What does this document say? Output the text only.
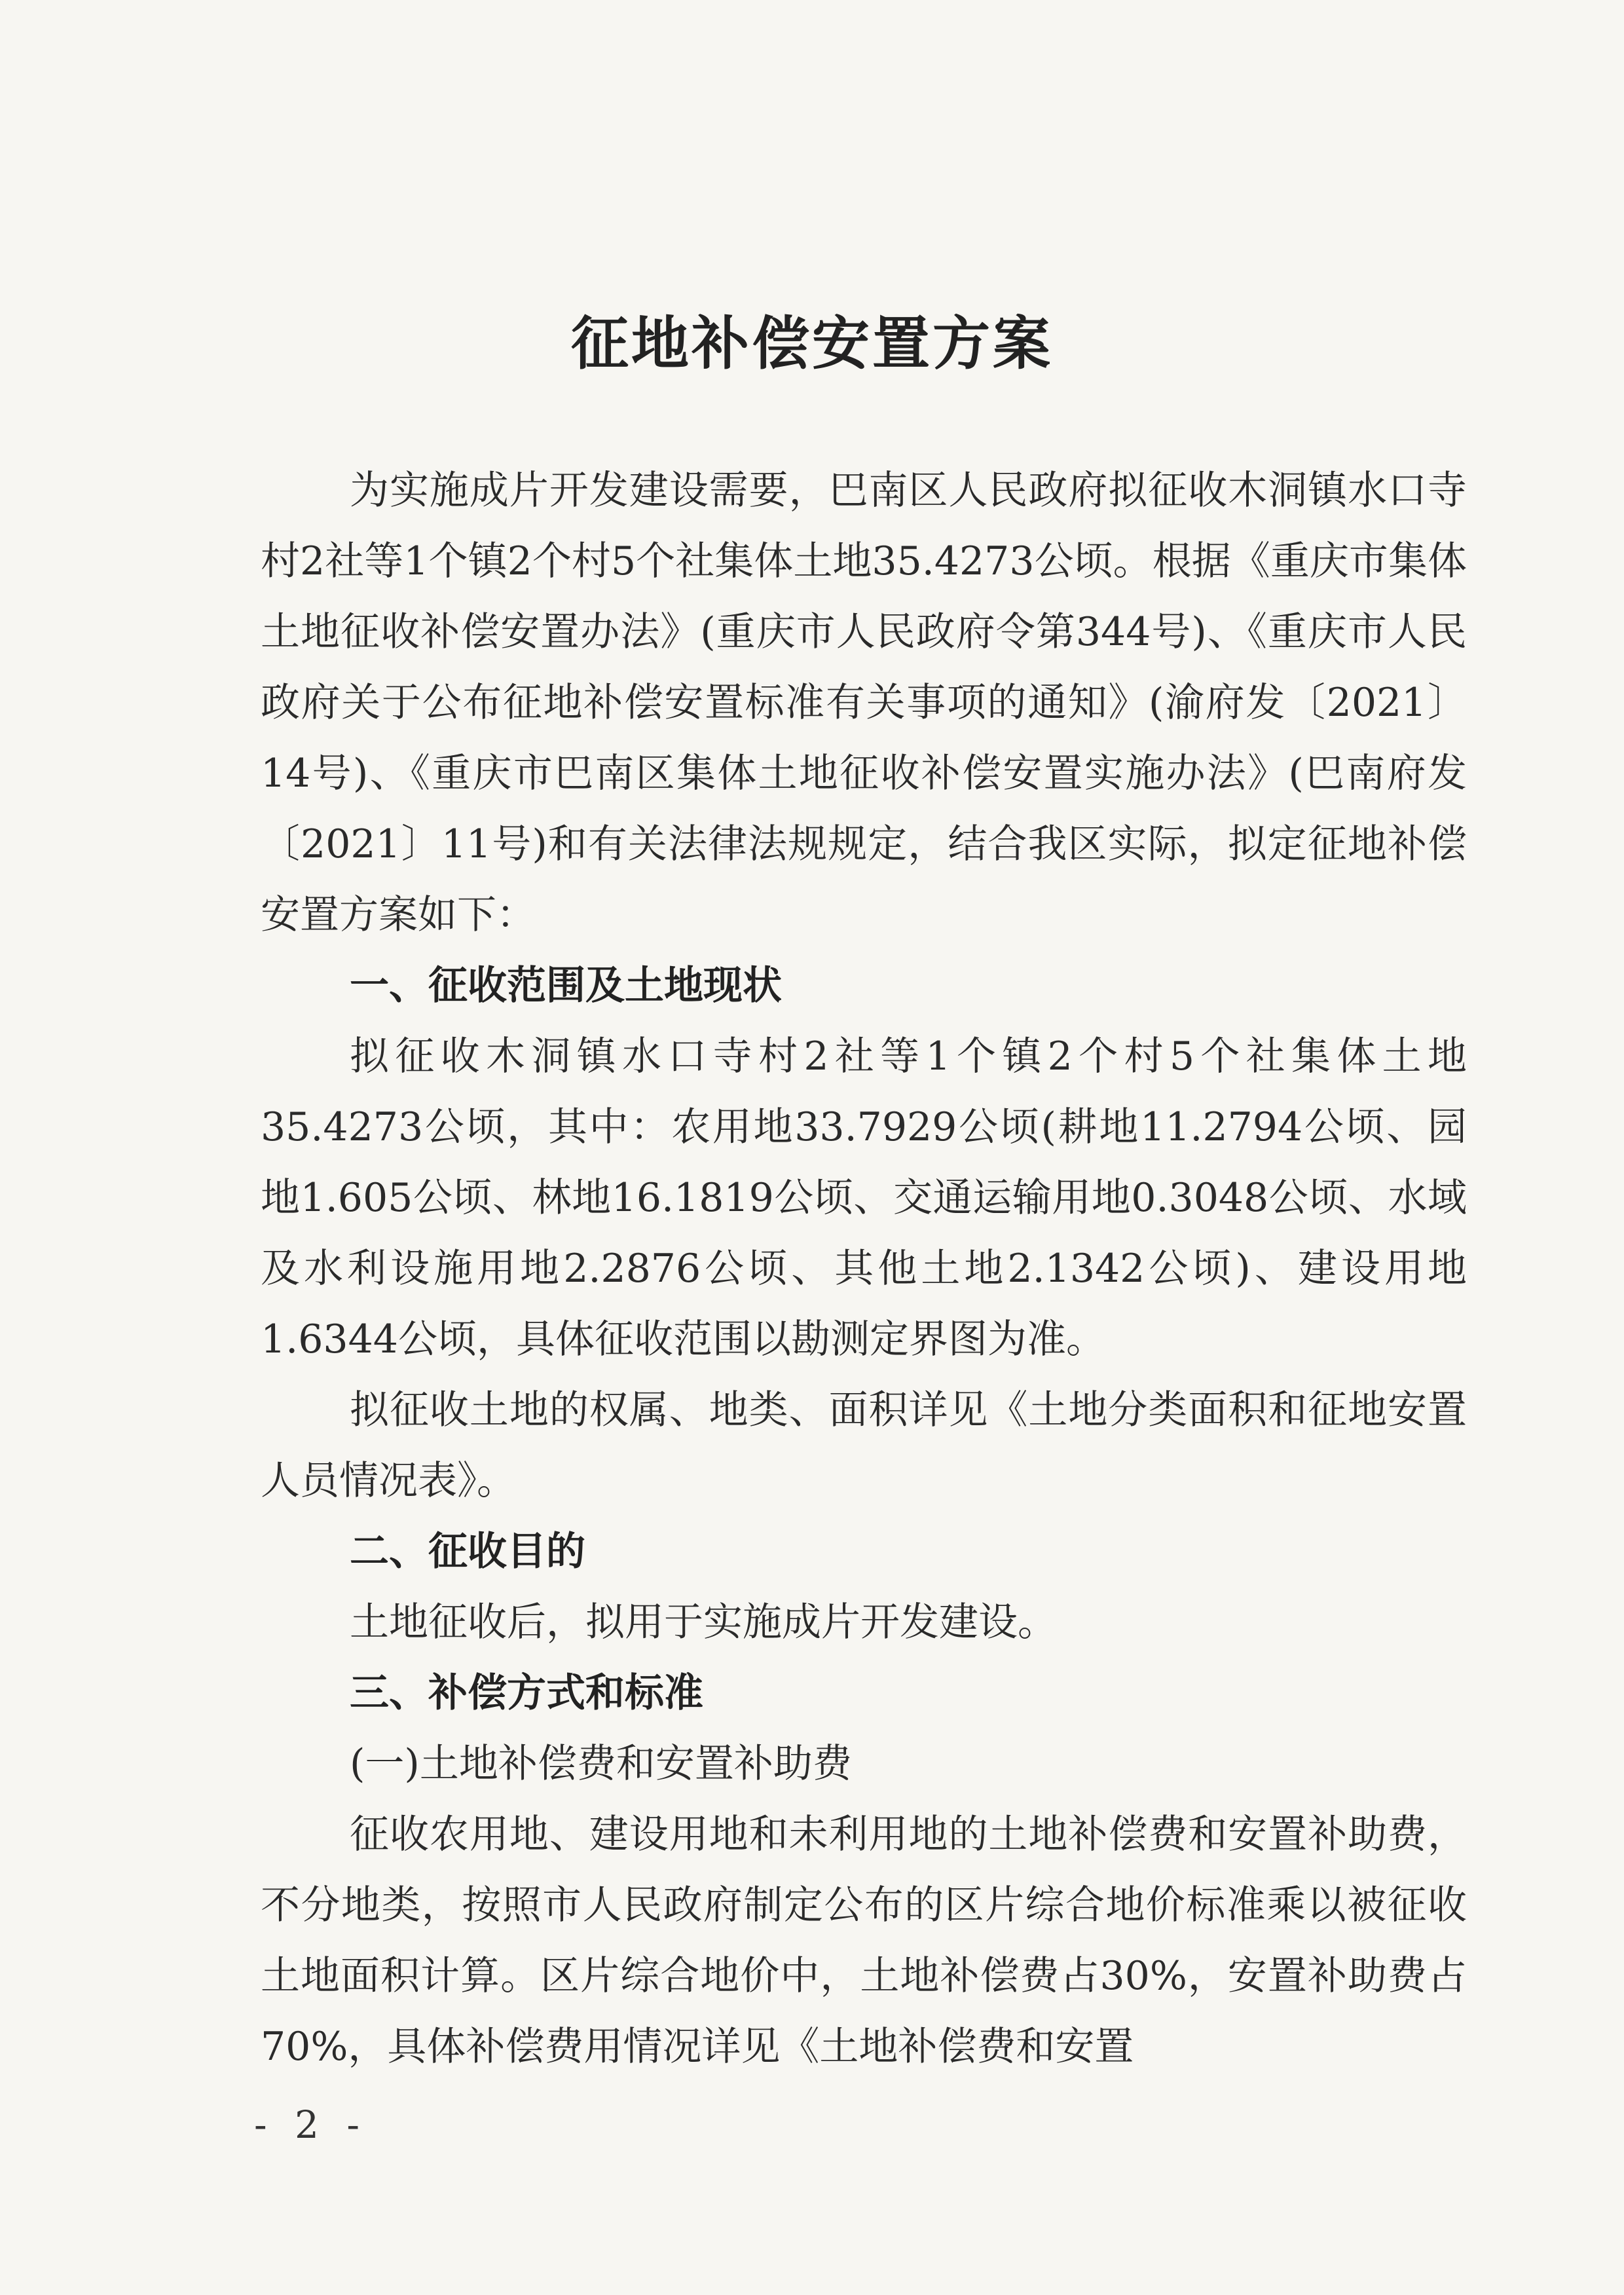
征地补偿安置方案

为实施成片开发建设需要，巴南区人民政府拟征收木洞镇水口寺村2社等1个镇2个村5个社集体土地35.4273公顷。根据《重庆市集体土地征收补偿安置办法》(重庆市人民政府令第344号)、《重庆市人民政府关于公布征地补偿安置标准有关事项的通知》(渝府发〔2021〕14号)、《重庆市巴南区集体土地征收补偿安置实施办法》(巴南府发〔2021〕11号)和有关法律法规规定，结合我区实际，拟定征地补偿安置方案如下：

一、征收范围及土地现状

拟征收木洞镇水口寺村2社等1个镇2个村5个社集体土地35.4273公顷，其中：农用地33.7929公顷(耕地11.2794公顷、园地1.605公顷、林地16.1819公顷、交通运输用地0.3048公顷、水域及水利设施用地2.2876公顷、其他土地2.1342公顷)、建设用地1.6344公顷，具体征收范围以勘测定界图为准。

拟征收土地的权属、地类、面积详见《土地分类面积和征地安置人员情况表》。

二、征收目的

土地征收后，拟用于实施成片开发建设。

三、补偿方式和标准

(一)土地补偿费和安置补助费

征收农用地、建设用地和未利用地的土地补偿费和安置补助费，不分地类，按照市人民政府制定公布的区片综合地价标准乘以被征收土地面积计算。区片综合地价中，土地补偿费占30%，安置补助费占70%，具体补偿费用情况详见《土地补偿费和安置

- 2 -
